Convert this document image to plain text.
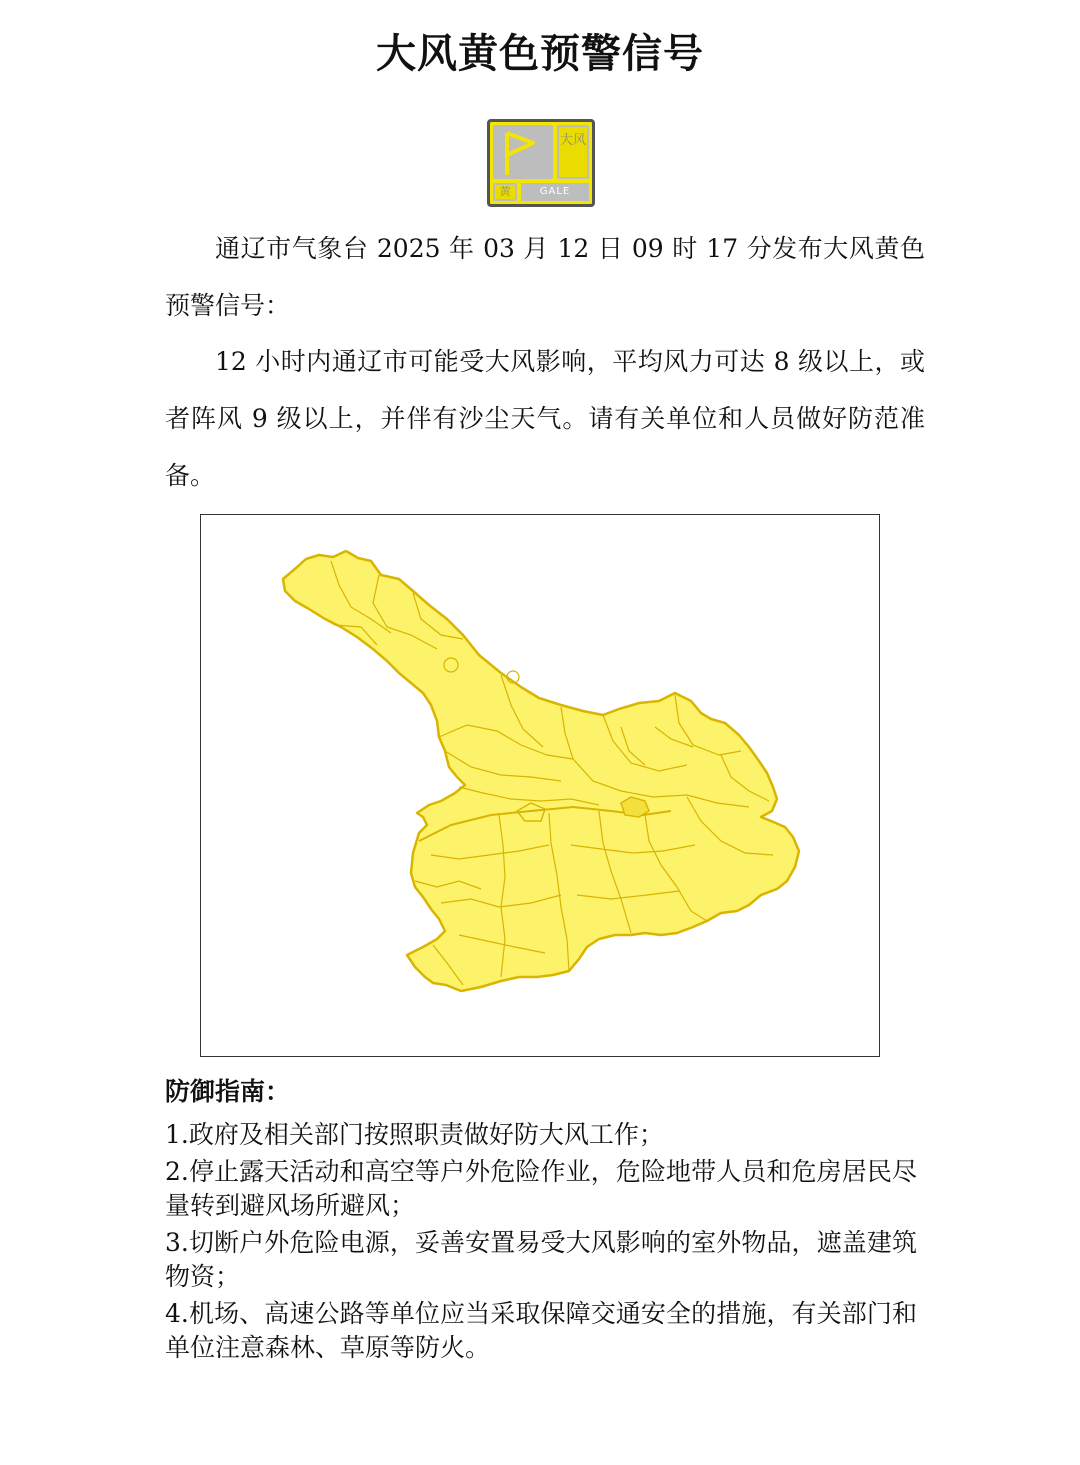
大风黄色预警信号
大风
黄	GALE
通辽市气象台 2025 年 03 月 12 日 09 时 17 分发布大风黄色预警信号：
12 小时内通辽市可能受大风影响，平均风力可达 8 级以上，或者阵风 9 级以上，并伴有沙尘天气。请有关单位和人员做好防范准备。
防御指南：
1.政府及相关部门按照职责做好防大风工作；
2.停止露天活动和高空等户外危险作业，危险地带人员和危房居民尽量转到避风场所避风；
3.切断户外危险电源，妥善安置易受大风影响的室外物品，遮盖建筑物资；
4.机场、高速公路等单位应当采取保障交通安全的措施，有关部门和单位注意森林、草原等防火。
